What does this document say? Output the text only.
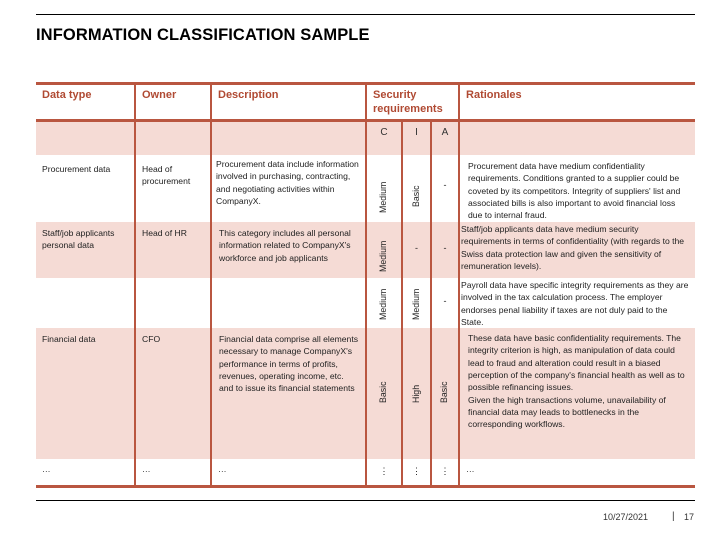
INFORMATION CLASSIFICATION SAMPLE
Data type	Owner	Description	Security requirements			Rationales
			C	I	A	

Procurement data	Head of procurement	Procurement data include information involved in purchasing, contracting, and negotiating activities within CompanyX.	Medium	Basic	-	Procurement data have medium confidentiality requirements. Conditions granted to a supplier could be coveted by its competitors. Integrity of suppliers' list and associated bills is also important to avoid financial loss due to internal fraud.

Staff/job applicants personal data	Head of HR	This category includes all personal information related to CompanyX's workforce and job applicants	Medium	-	-	Staff/job applicants data have medium security requirements in terms of confidentiality (with regards to the Swiss data protection law and given the sensitivity of remuneration levels).

			Medium	Medium	-	Payroll data have specific integrity requirements as they are involved in the tax calculation process. The employer endorses penal liability if taxes are not duly paid to the State.

Financial data	CFO	Financial data comprise all elements necessary to manage CompanyX's performance in terms of profits, revenues, operating income, etc. and to issue its financial statements	Basic	High	Basic	These data have basic confidentiality requirements. The integrity criterion is high, as manipulation of data could lead to fraud and alteration could result in a biased perception of the company's financial health as well as to possible refinancing issues.
Given the high transactions volume, unavailability of financial data may leads to bottlenecks in the corresponding workflows.

…	…	…	⋮	⋮	⋮	…
10/27/2021 | 17
